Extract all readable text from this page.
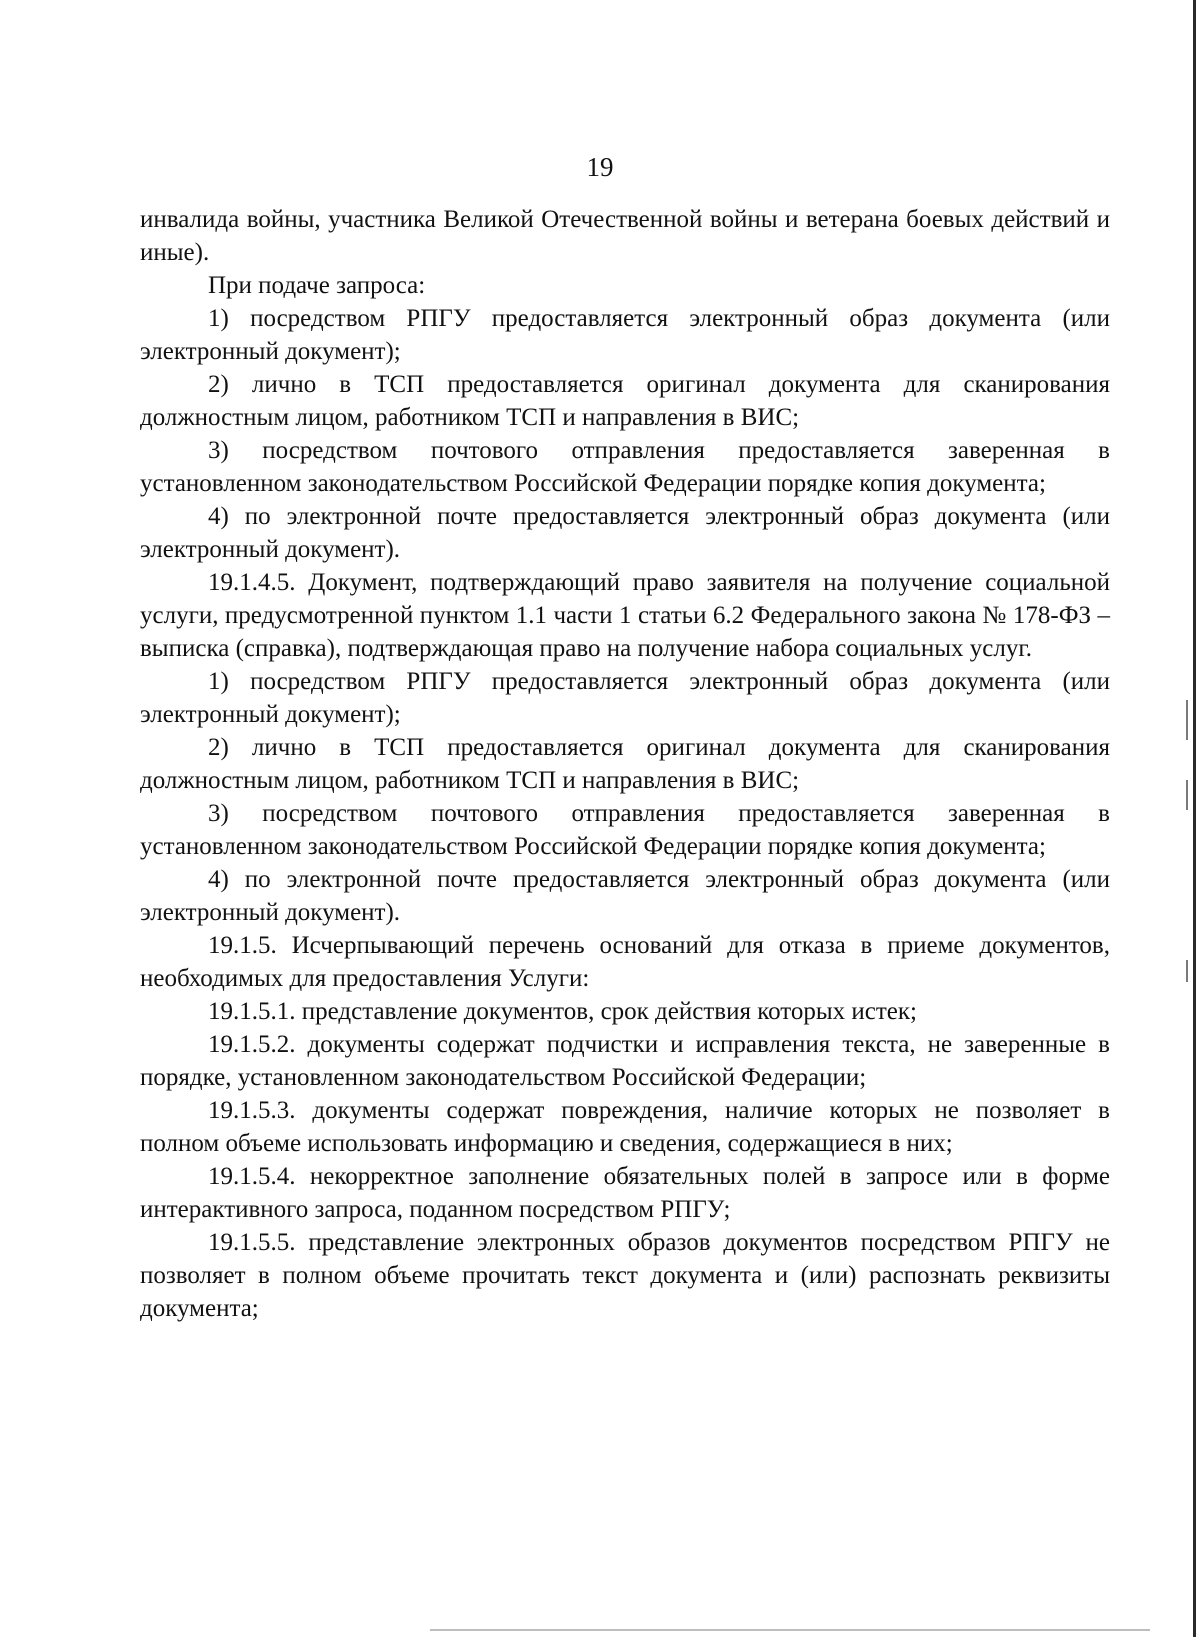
19

инвалида войны, участника Великой Отечественной войны и ветерана боевых действий и иные).

При подаче запроса:

1) посредством РПГУ предоставляется электронный образ документа (или электронный документ);

2) лично в ТСП предоставляется оригинал документа для сканирования должностным лицом, работником ТСП и направления в ВИС;

3) посредством почтового отправления предоставляется заверенная в установленном законодательством Российской Федерации порядке копия документа;

4) по электронной почте предоставляется электронный образ документа (или электронный документ).

19.1.4.5. Документ, подтверждающий право заявителя на получение социальной услуги, предусмотренной пунктом 1.1 части 1 статьи 6.2 Федерального закона № 178-ФЗ – выписка (справка), подтверждающая право на получение набора социальных услуг.

1) посредством РПГУ предоставляется электронный образ документа (или электронный документ);

2) лично в ТСП предоставляется оригинал документа для сканирования должностным лицом, работником ТСП и направления в ВИС;

3) посредством почтового отправления предоставляется заверенная в установленном законодательством Российской Федерации порядке копия документа;

4) по электронной почте предоставляется электронный образ документа (или электронный документ).

19.1.5. Исчерпывающий перечень оснований для отказа в приеме документов, необходимых для предоставления Услуги:

19.1.5.1. представление документов, срок действия которых истек;

19.1.5.2. документы содержат подчистки и исправления текста, не заверенные в порядке, установленном законодательством Российской Федерации;

19.1.5.3. документы содержат повреждения, наличие которых не позволяет в полном объеме использовать информацию и сведения, содержащиеся в них;

19.1.5.4. некорректное заполнение обязательных полей в запросе или в форме интерактивного запроса, поданном посредством РПГУ;

19.1.5.5. представление электронных образов документов посредством РПГУ не позволяет в полном объеме прочитать текст документа и (или) распознать реквизиты документа;
